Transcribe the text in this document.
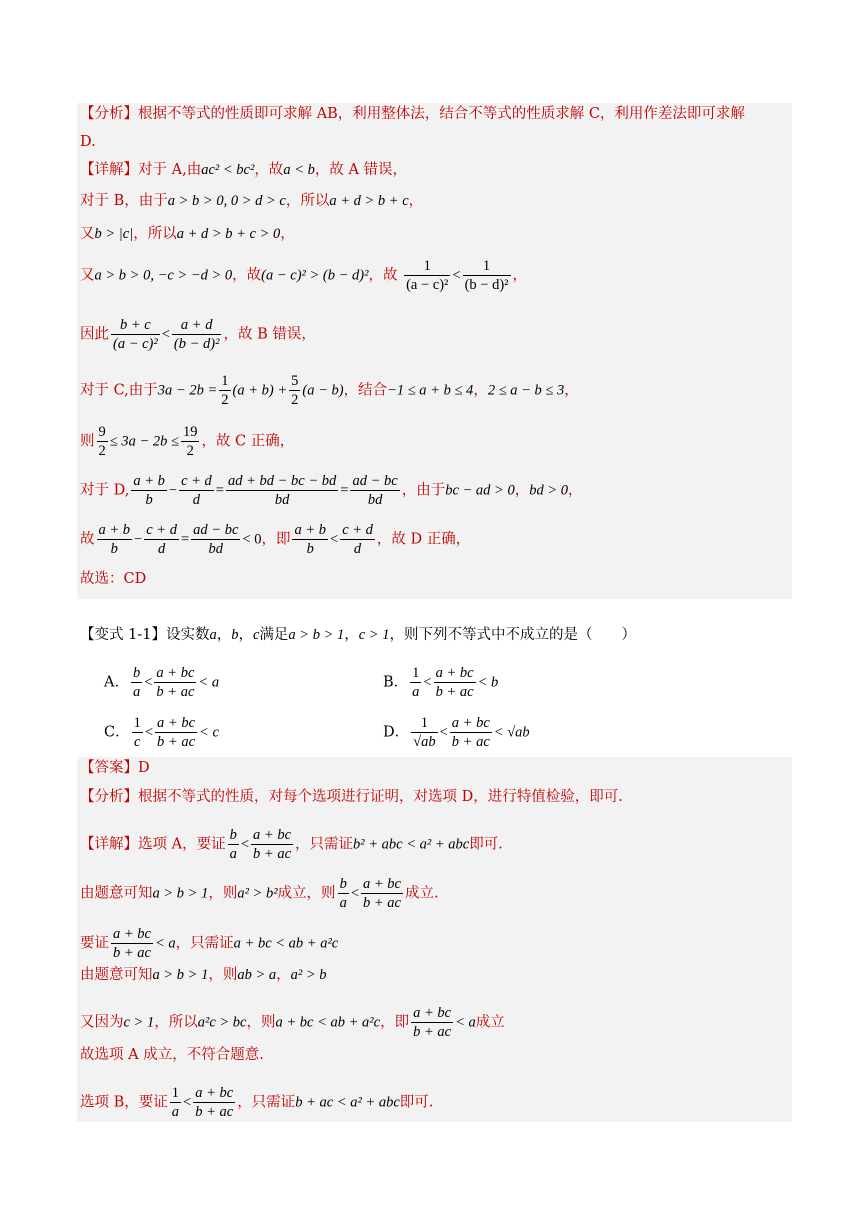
【分析】根据不等式的性质即可求解 AB，利用整体法，结合不等式的性质求解 C，利用作差法即可求解
D.
【详解】对于 A,由ac² < bc²，故a < b，故 A 错误，
对于 B，由于a > b > 0, 0 > d > c，所以a + d > b + c，
又b > |c|，所以a + d > b + c > 0，
又a > b > 0, −c > −d > 0，故(a − c)² > (b − d)²，故 $\frac{1}{\text{(a − c)²}} < \frac{1}{\text{(b − d)²}}$ ，
因此 $\frac{b + c}{\text{(a − c)²}} < \frac{a + d}{\text{(b − d)²}}$ ，故 B 错误，
对于 C,由于$3a - 2b = \frac{1}{2} (a + b) + \frac{5}{2} (a - b)$，结合−1 ≤ a + b ≤ 4，2 ≤ a − b ≤ 3，
则 $\frac{9}{2} \le 3a - 2b \le \frac{19}{2}$ ，故 C 正确，
对于 D, $\frac{a + b}{b} - \frac{c + d}{d} = \frac{ad + bd - bc - bd}{bd} = \frac{ad - bc}{bd}$ ，由于bc − ad > 0，bd > 0，
故 $\frac{a + b}{b} - \frac{c + d}{d} = \frac{ad - bc}{bd} < 0$，即 $\frac{a + b}{b} < \frac{c + d}{d}$ ，故 D 正确，
故选：CD
【变式 1-1】设实数a，b，c满足a > b > 1，c > 1，则下列不等式中不成立的是（　　）
A． $\frac{b}{a} < \frac{a + bc}{b + ac} < a$	B． $\frac{1}{a} < \frac{a + bc}{b + ac} < b$
C． $\frac{1}{c} < \frac{a + bc}{b + ac} < c$	D． $\frac{1}{√ab} < \frac{a + bc}{b + ac} < √ab$
【答案】D
【分析】根据不等式的性质，对每个选项进行证明，对选项 D，进行特值检验，即可.
【详解】选项 A，要证 $\frac{b}{a} < \frac{a + bc}{b + ac}$ ，只需证b² + abc < a² + abc即可.
由题意可知a > b > 1，则a² > b²成立，则 $\frac{b}{a} < \frac{a + bc}{b + ac}$ 成立.
要证 $\frac{a + bc}{b + ac} < a$，只需证a + bc < ab + a²c
由题意可知a > b > 1，则ab > a，a² > b
又因为c > 1，所以a²c > bc，则a + bc < ab + a²c，即 $\frac{a + bc}{b + ac} < a$成立
故选项 A 成立，不符合题意.
选项 B，要证 $\frac{1}{a} < \frac{a + bc}{b + ac}$ ，只需证b + ac < a² + abc即可.
